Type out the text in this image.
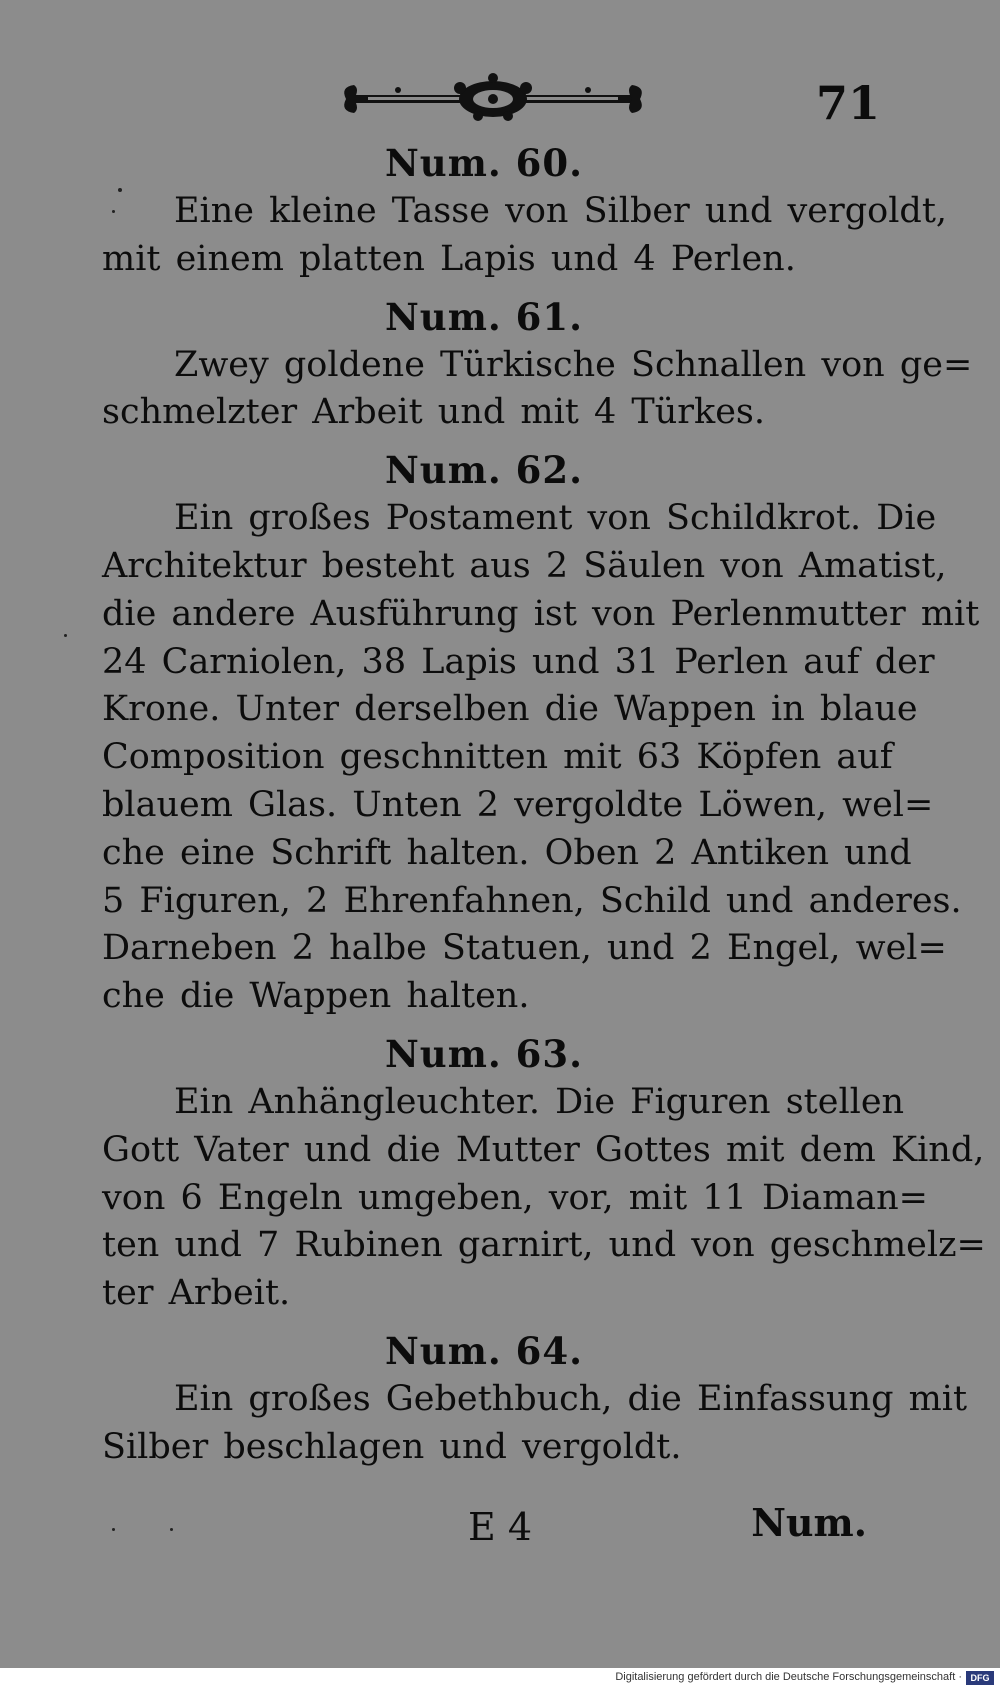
71
Num. 60.

Eine kleine Tasse von Silber und vergoldt,
mit einem platten Lapis und 4 Perlen.

Num. 61.

Zwey goldene Türkische Schnallen von ge=
schmelzter Arbeit und mit 4 Türkes.

Num. 62.

Ein großes Postament von Schildkrot. Die
Architektur besteht aus 2 Säulen von Amatist,
die andere Ausführung ist von Perlenmutter mit
24 Carniolen, 38 Lapis und 31 Perlen auf der
Krone. Unter derselben die Wappen in blaue
Composition geschnitten mit 63 Köpfen auf
blauem Glas. Unten 2 vergoldte Löwen, wel=
che eine Schrift halten. Oben 2 Antiken und
5 Figuren, 2 Ehrenfahnen, Schild und anderes.
Darneben 2 halbe Statuen, und 2 Engel, wel=
che die Wappen halten.

Num. 63.

Ein Anhängleuchter. Die Figuren stellen
Gott Vater und die Mutter Gottes mit dem Kind,
von 6 Engeln umgeben, vor, mit 11 Diaman=
ten und 7 Rubinen garnirt, und von geschmelz=
ter Arbeit.

Num. 64.

Ein großes Gebethbuch, die Einfassung mit
Silber beschlagen und vergoldt.

E 4	Num.
Digitalisierung gefördert durch die Deutsche Forschungsgemeinschaft · DFG
